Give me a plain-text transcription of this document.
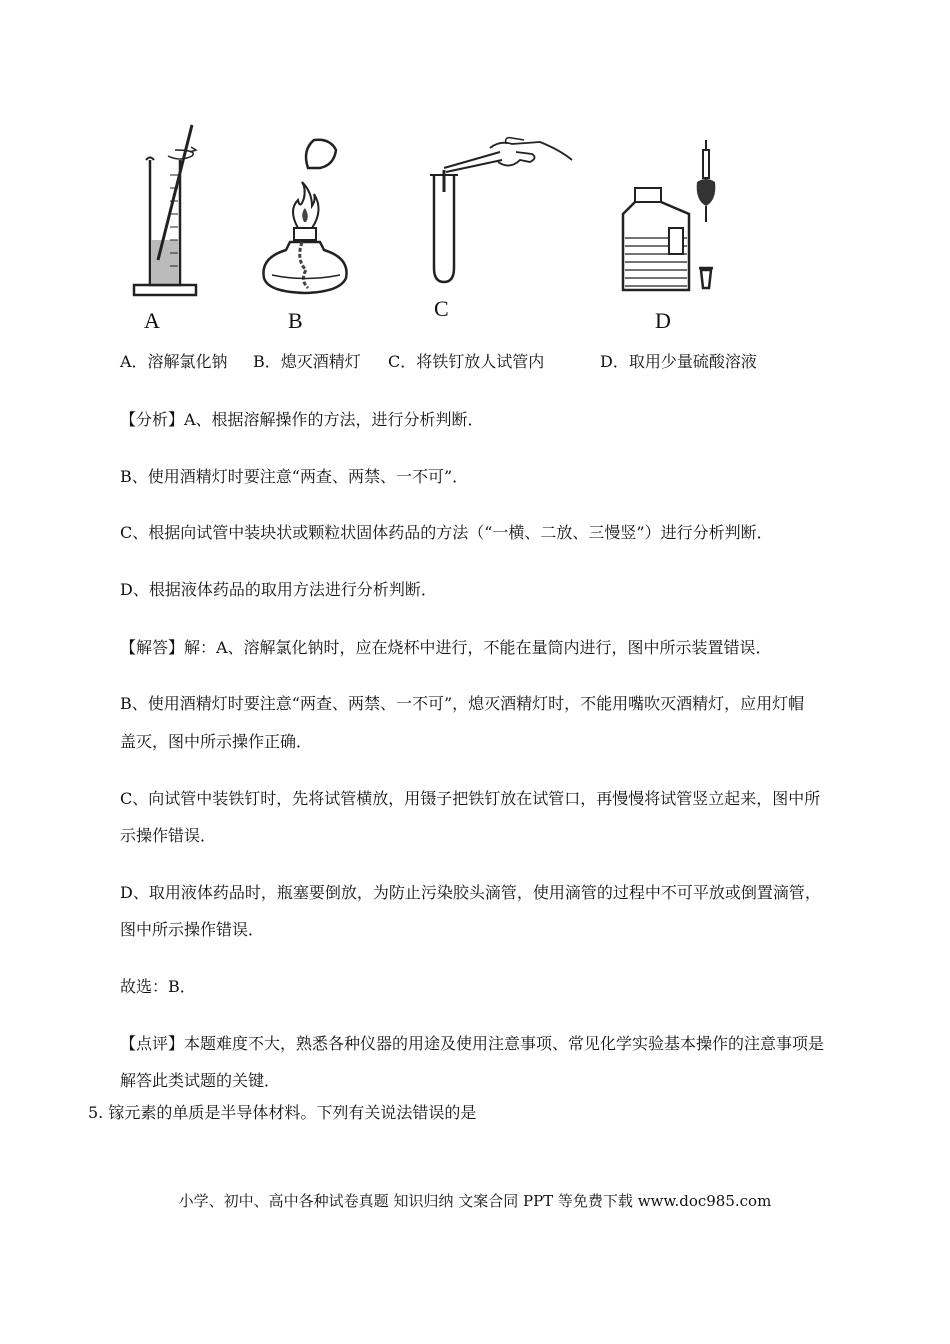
A	B	C	D
A．溶解氯化钠 B．熄灭酒精灯 C．将铁钉放人试管内	D．取用少量硫酸溶液
【分析】A、根据溶解操作的方法，进行分析判断．
B、使用酒精灯时要注意“两查、两禁、一不可”．
C、根据向试管中装块状或颗粒状固体药品的方法（“一横、二放、三慢竖”）进行分析判断．
D、根据液体药品的取用方法进行分析判断．
【解答】解：A、溶解氯化钠时，应在烧杯中进行，不能在量筒内进行，图中所示装置错误．
B、使用酒精灯时要注意“两查、两禁、一不可”，熄灭酒精灯时，不能用嘴吹灭酒精灯，应用灯帽
盖灭，图中所示操作正确．
C、向试管中装铁钉时，先将试管横放，用镊子把铁钉放在试管口，再慢慢将试管竖立起来，图中所
示操作错误．
D、取用液体药品时，瓶塞要倒放，为防止污染胶头滴管，使用滴管的过程中不可平放或倒置滴管，
图中所示操作错误．
故选：B．
【点评】本题难度不大，熟悉各种仪器的用途及使用注意事项、常见化学实验基本操作的注意事项是
解答此类试题的关键．
5. 镓元素的单质是半导体材料。下列有关说法错误的是
小学、初中、高中各种试卷真题 知识归纳 文案合同 PPT 等免费下载 www.doc985.com
